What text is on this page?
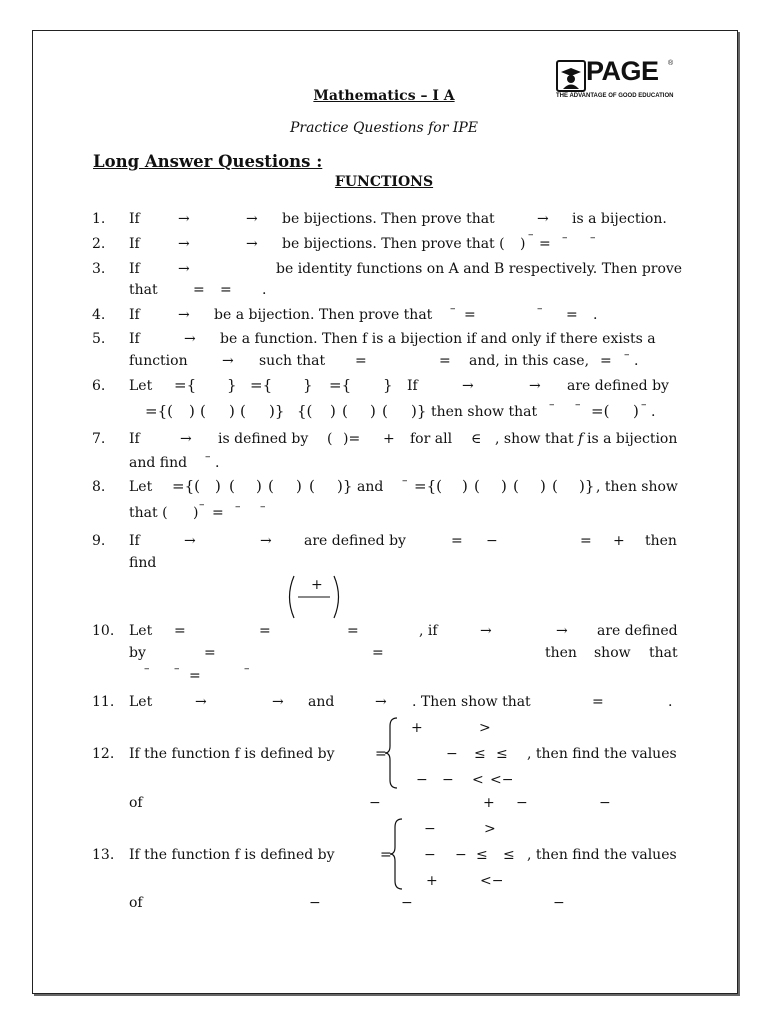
PAGE ®
THE ADVANTAGE OF GOOD EDUCATION
Mathematics – I A
Practice Questions for IPE
Long Answer Questions :
FUNCTIONS
1. If	→	→ be bijections. Then prove that	→ is a bijection.
2. If	→	→ be bijections. Then prove that ( )
–
= – –
3. If	→	be identity functions on A and B respectively. Then prove
that	= = .
4. If	→ be a bijection. Then prove that – =	– = .
5. If	→ be a function. Then f is a bijection if and only if there exists a
function → such that =	= and, in this case, = – .
6. Let ={ } ={ } ={ } If	→	→ are defined by
={( ) ( ) ( )} {( ) ( ) ( )} then show that – – =( ) – .
7. If	→ is defined by ( )= + for all ∈ , show that f is a bijection
and find – .
8. Let ={( ) ( ) ( ) ( )} and – ={( ) ( ) ( ) ( )} , then show
that ( )
–
= – –
9. If	→	→ are defined by	= −	= + then
find
+
10. Let =	=	=	, if	→	→ are defined
by	=	=	then show that
– – =	–
11. Let	→	→ and	→ . Then show that	=	.
12. If the function f is defined by	=	, then find the values
+	>
− ≤ ≤
− − < <−
of	−	+ −	−
13. If the function f is defined by	=	, then find the values
−	>
− − ≤ ≤
+	<−
of	−	−	−
